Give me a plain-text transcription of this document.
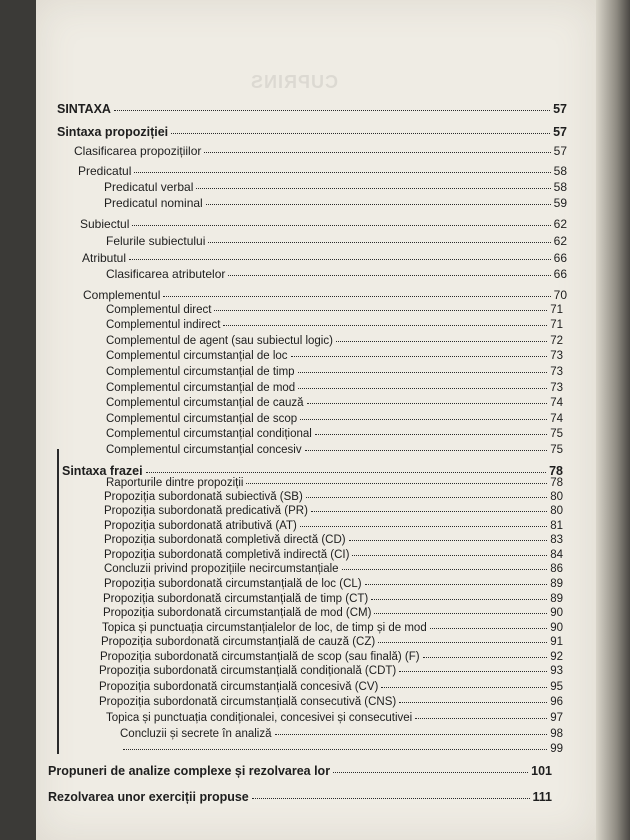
CUPRINS
SINTAXA	57
Sintaxa propoziției	57
Clasificarea propozițiilor	57
Predicatul	58
Predicatul verbal	58
Predicatul nominal	59
Subiectul	62
Felurile subiectului	62
Atributul	66
Clasificarea atributelor	66
Complementul	70
Complementul direct	71
Complementul indirect	71
Complementul de agent (sau subiectul logic)	72
Complementul circumstanțial de loc	73
Complementul circumstanțial de timp	73
Complementul circumstanțial de mod	73
Complementul circumstanțial de cauză	74
Complementul circumstanțial de scop	74
Complementul circumstanțial condițional	75
Complementul circumstanțial concesiv	75
Sintaxa frazei	78
Raporturile dintre propoziții	78
Propoziția subordonată subiectivă (SB)	80
Propoziția subordonată predicativă (PR)	80
Propoziția subordonată atributivă (AT)	81
Propoziția subordonată completivă directă (CD)	83
Propoziția subordonată completivă indirectă (CI)	84
Concluzii privind propozițiile necircumstanțiale	86
Propoziția subordonată circumstanțială de loc (CL)	89
Propoziția subordonată circumstanțială de timp (CT)	89
Propoziția subordonată circumstanțială de mod (CM)	90
Topica și punctuația circumstanțialelor de loc, de timp și de mod	90
Propoziția subordonată circumstanțială de cauză (CZ)	91
Propoziția subordonată circumstanțială de scop (sau finală) (F)	92
Propoziția subordonată circumstanțială condițională (CDT)	93
Propoziția subordonată circumstanțială concesivă (CV)	95
Propoziția subordonată circumstanțială consecutivă (CNS)	96
Topica și punctuația condiționalei, concesivei și consecutivei	97
Concluzii și secrete în analiză	98
99
Propuneri de analize complexe și rezolvarea lor	101
Rezolvarea unor exerciții propuse	111
